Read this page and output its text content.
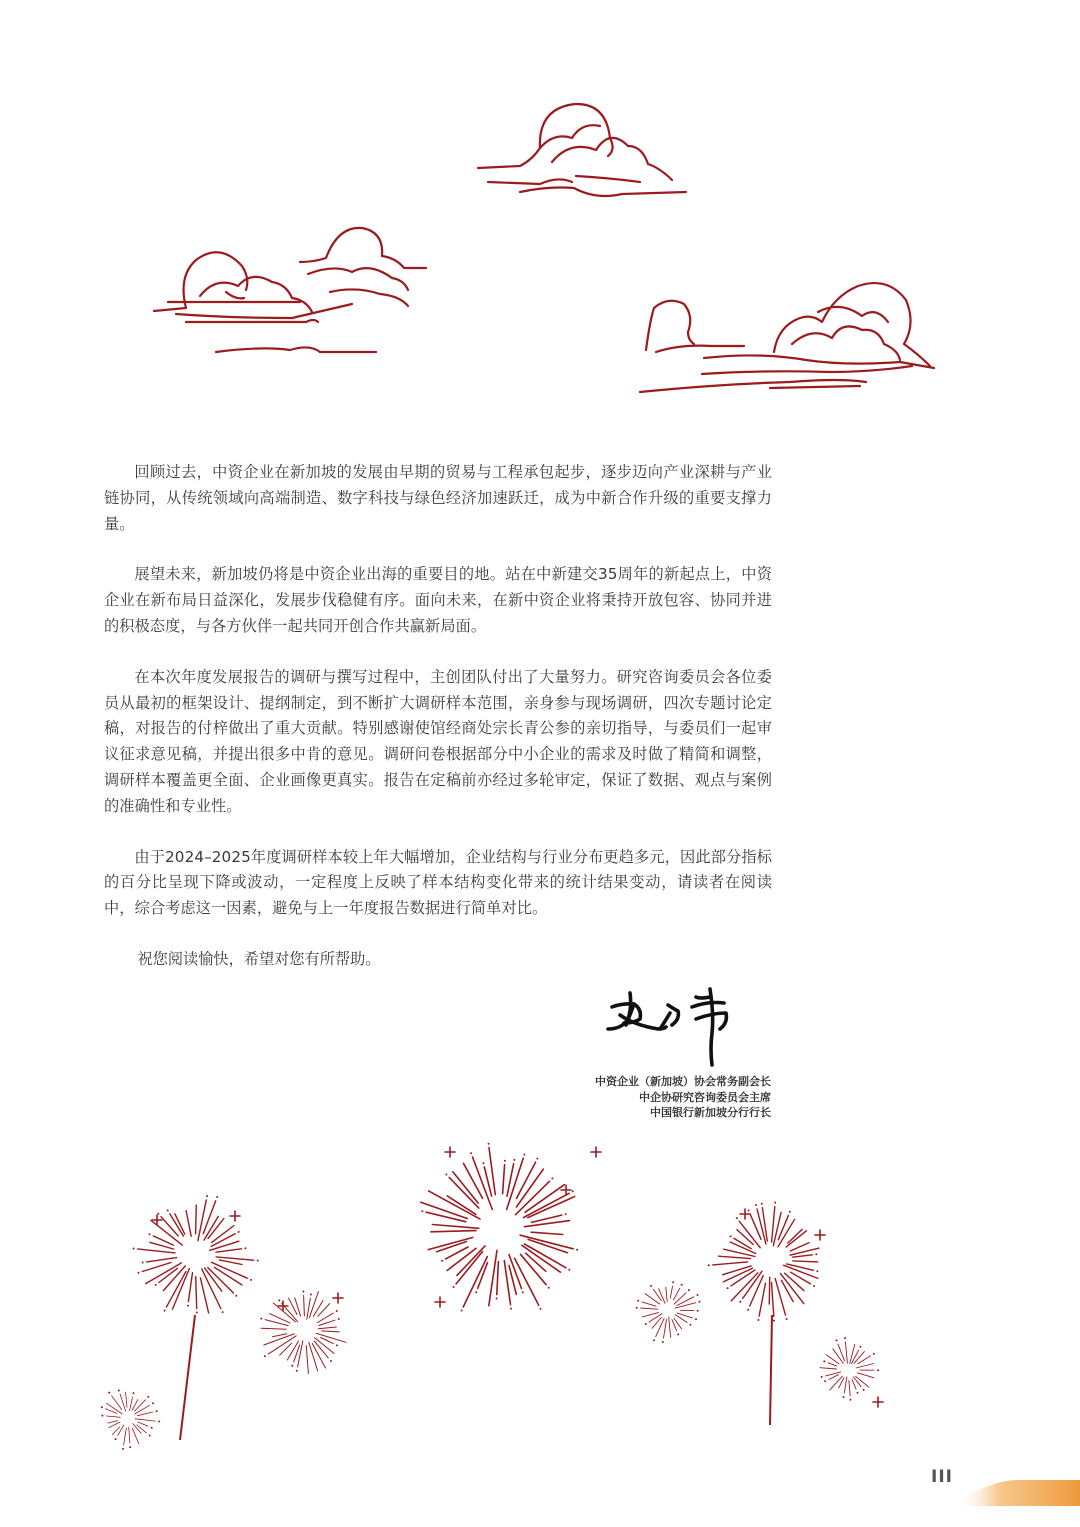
回顾过去，中资企业在新加坡的发展由早期的贸易与工程承包起步，逐步迈向产业深耕与产业链协同，从传统领域向高端制造、数字科技与绿色经济加速跃迁，成为中新合作升级的重要支撑力量。

展望未来，新加坡仍将是中资企业出海的重要目的地。站在中新建交35周年的新起点上，中资企业在新布局日益深化，发展步伐稳健有序。面向未来，在新中资企业将秉持开放包容、协同并进的积极态度，与各方伙伴一起共同开创合作共赢新局面。

在本次年度发展报告的调研与撰写过程中，主创团队付出了大量努力。研究咨询委员会各位委员从最初的框架设计、提纲制定，到不断扩大调研样本范围，亲身参与现场调研，四次专题讨论定稿，对报告的付梓做出了重大贡献。特别感谢使馆经商处宗长青公参的亲切指导，与委员们一起审议征求意见稿，并提出很多中肯的意见。调研问卷根据部分中小企业的需求及时做了精简和调整，调研样本覆盖更全面、企业画像更真实。报告在定稿前亦经过多轮审定，保证了数据、观点与案例的准确性和专业性。

由于2024–2025年度调研样本较上年大幅增加，企业结构与行业分布更趋多元，因此部分指标的百分比呈现下降或波动，一定程度上反映了样本结构变化带来的统计结果变动，请读者在阅读中，综合考虑这一因素，避免与上一年度报告数据进行简单对比。

祝您阅读愉快，希望对您有所帮助。

中资企业（新加坡）协会常务副会长
中企协研究咨询委员会主席
中国银行新加坡分行行长
III
